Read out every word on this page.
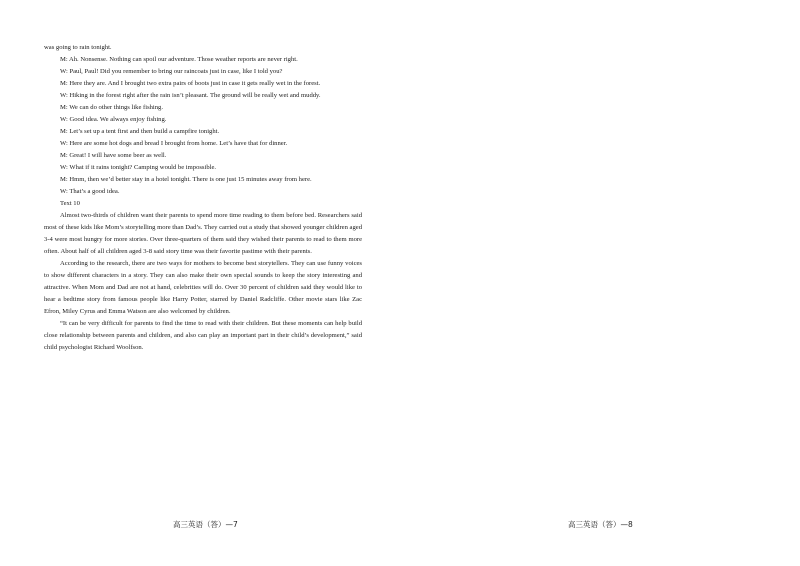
was going to rain tonight.

M: Ah. Nonsense. Nothing can spoil our adventure. Those weather reports are never right.

W: Paul, Paul! Did you remember to bring our raincoats just in case, like I told you?

M: Here they are. And I brought two extra pairs of boots just in case it gets really wet in the forest.

W: Hiking in the forest right after the rain isn’t pleasant. The ground will be really wet and muddy.

M: We can do other things like fishing.

W: Good idea. We always enjoy fishing.

M: Let’s set up a tent first and then build a campfire tonight.

W: Here are some hot dogs and bread I brought from home. Let’s have that for dinner.

M: Great! I will have some beer as well.

W: What if it rains tonight? Camping would be impossible.

M: Hmm, then we’d better stay in a hotel tonight. There is one just 15 minutes away from here.

W: That’s a good idea.

Text 10

Almost two-thirds of children want their parents to spend more time reading to them before bed. Researchers said most of these kids like Mom’s storytelling more than Dad’s. They carried out a study that showed younger children aged 3-4 were most hungry for more stories. Over three-quarters of them said they wished their parents to read to them more often. About half of all children aged 3-8 said story time was their favorite pastime with their parents.

According to the research, there are two ways for mothers to become best storytellers. They can use funny voices to show different characters in a story. They can also make their own special sounds to keep the story interesting and attractive. When Mom and Dad are not at hand, celebrities will do. Over 30 percent of children said they would like to hear a bedtime story from famous people like Harry Potter, starred by Daniel Radcliffe. Other movie stars like Zac Efron, Miley Cyrus and Emma Watson are also welcomed by children.

“It can be very difficult for parents to find the time to read with their children. But these moments can help build close relationship between parents and children, and also can play an important part in their child’s development,” said child psychologist Richard Woolfson.

高三英语（答）—7	高三英语（答）—8
